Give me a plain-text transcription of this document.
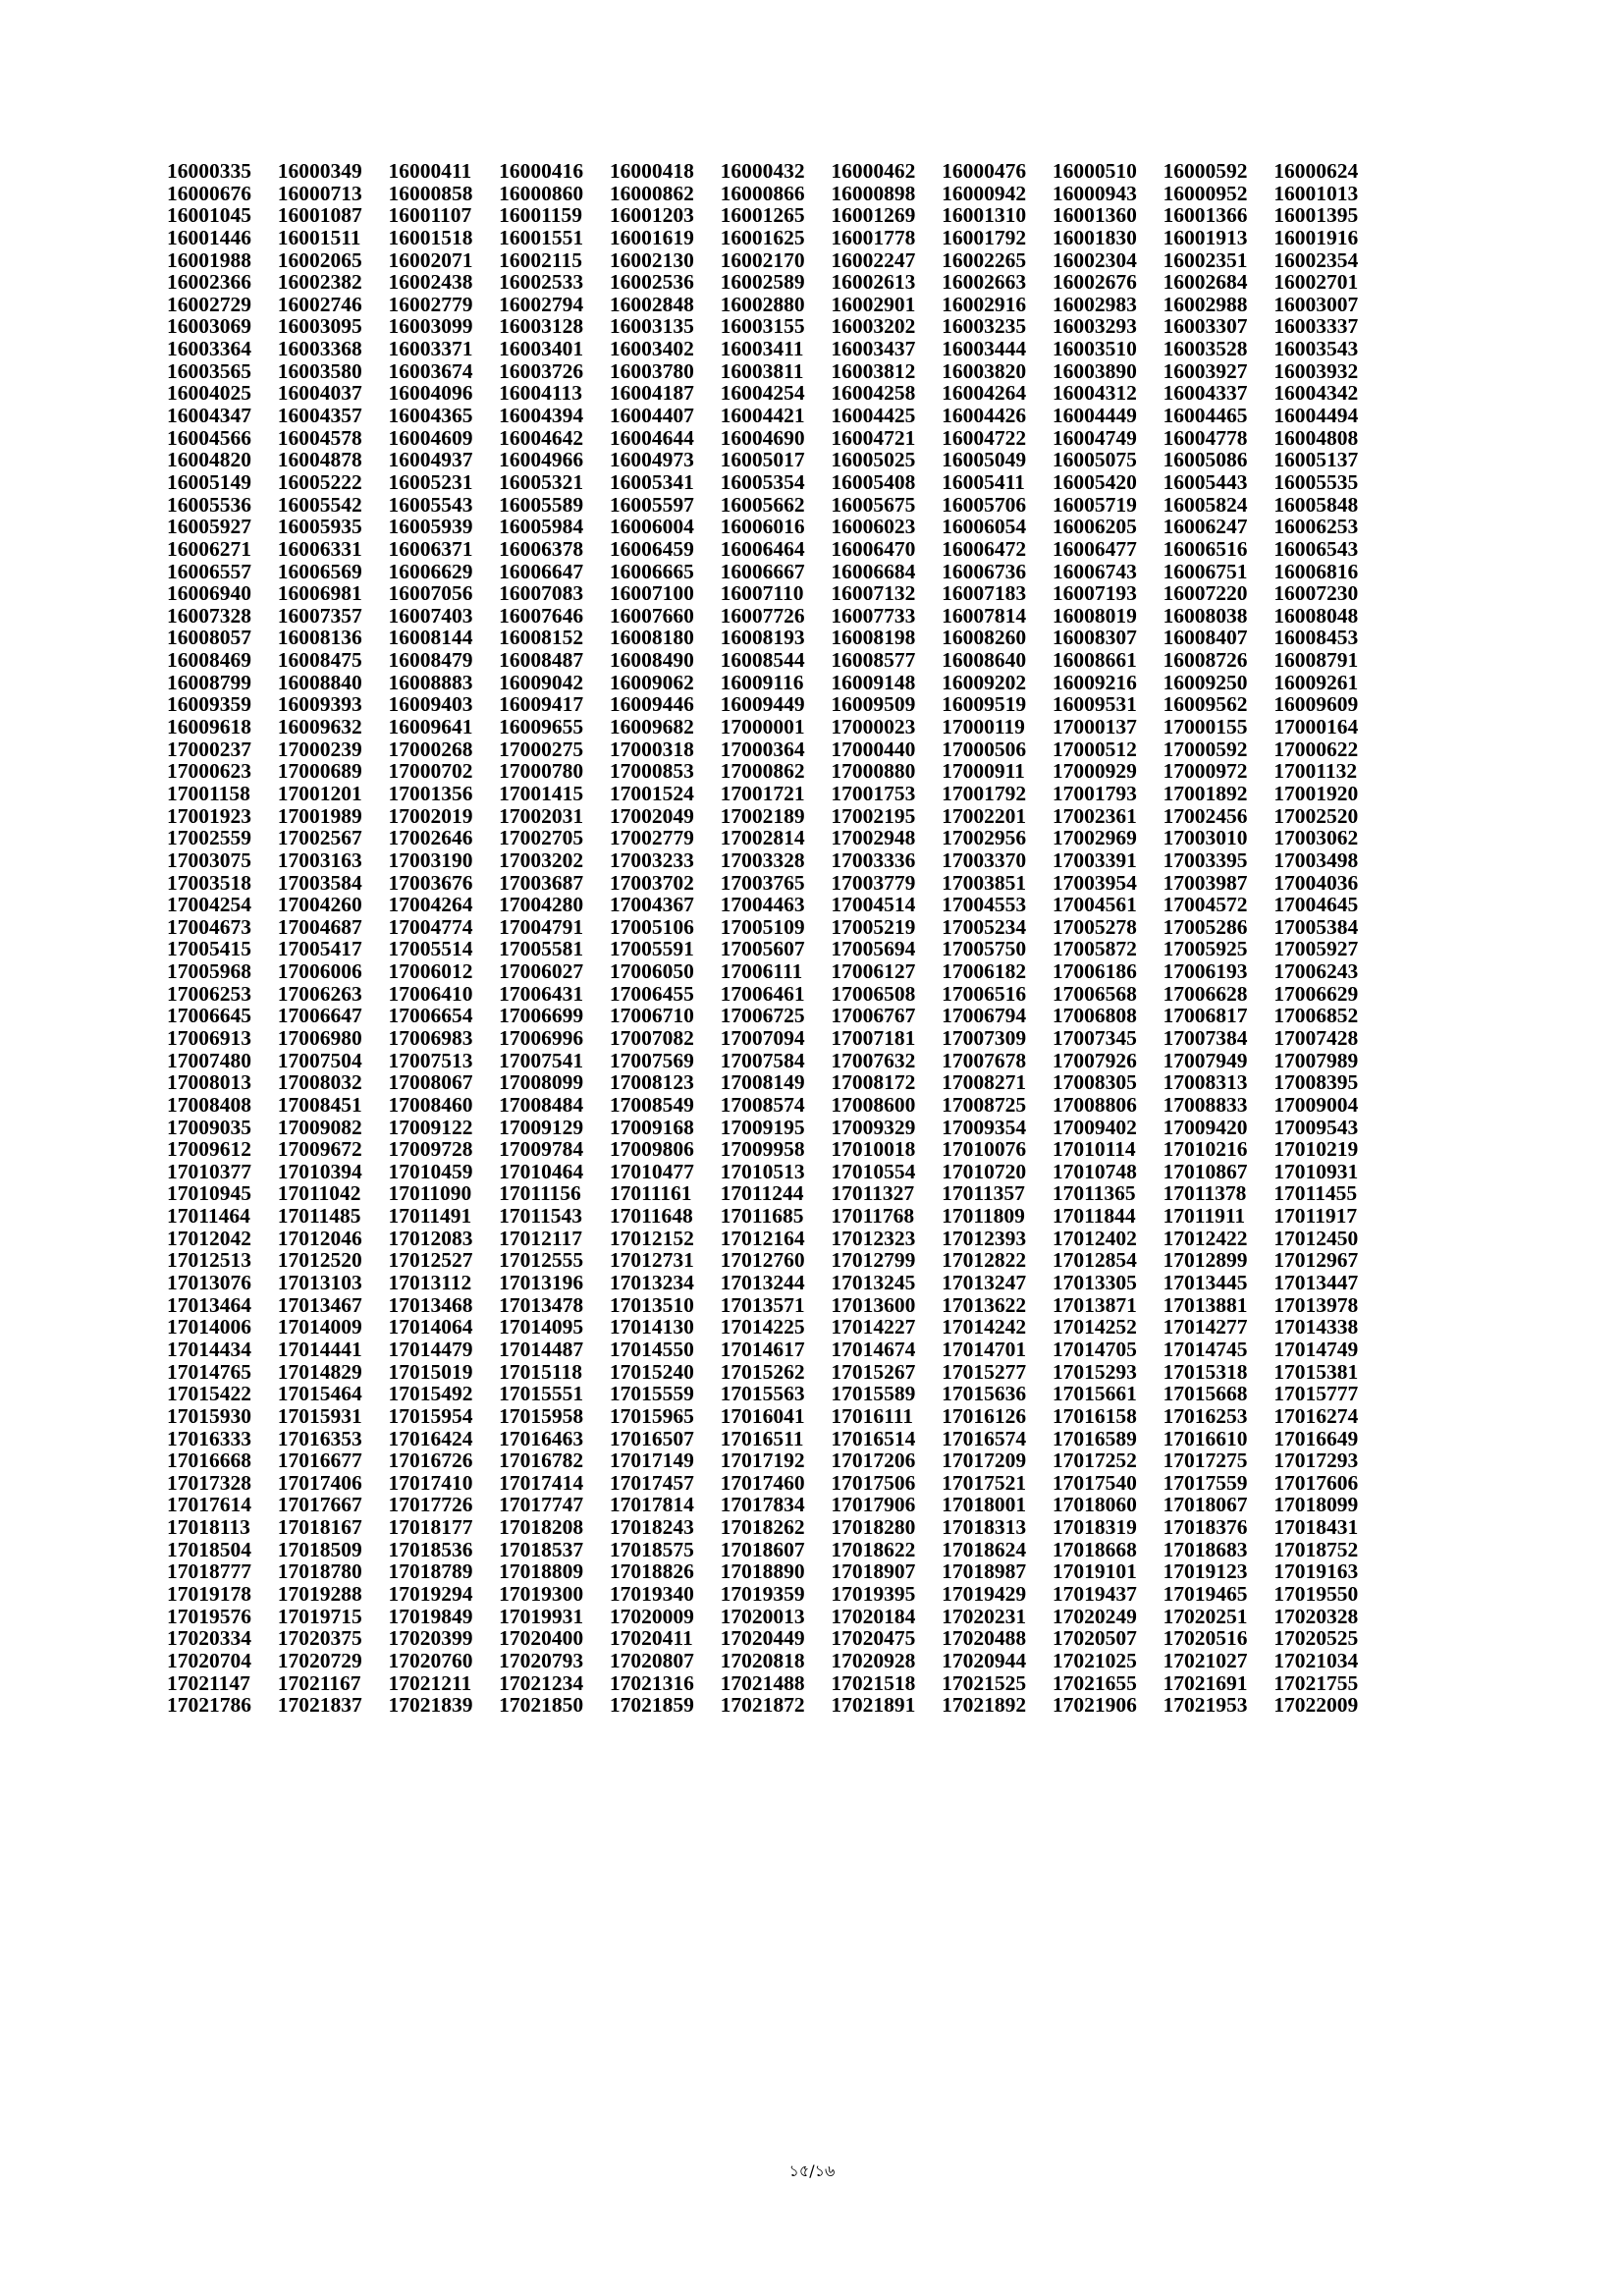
16000335	16000349	16000411	16000416	16000418	16000432	16000462	16000476	16000510	16000592	16000624
16000676	16000713	16000858	16000860	16000862	16000866	16000898	16000942	16000943	16000952	16001013
16001045	16001087	16001107	16001159	16001203	16001265	16001269	16001310	16001360	16001366	16001395
16001446	16001511	16001518	16001551	16001619	16001625	16001778	16001792	16001830	16001913	16001916
16001988	16002065	16002071	16002115	16002130	16002170	16002247	16002265	16002304	16002351	16002354
16002366	16002382	16002438	16002533	16002536	16002589	16002613	16002663	16002676	16002684	16002701
16002729	16002746	16002779	16002794	16002848	16002880	16002901	16002916	16002983	16002988	16003007
16003069	16003095	16003099	16003128	16003135	16003155	16003202	16003235	16003293	16003307	16003337
16003364	16003368	16003371	16003401	16003402	16003411	16003437	16003444	16003510	16003528	16003543
16003565	16003580	16003674	16003726	16003780	16003811	16003812	16003820	16003890	16003927	16003932
16004025	16004037	16004096	16004113	16004187	16004254	16004258	16004264	16004312	16004337	16004342
16004347	16004357	16004365	16004394	16004407	16004421	16004425	16004426	16004449	16004465	16004494
16004566	16004578	16004609	16004642	16004644	16004690	16004721	16004722	16004749	16004778	16004808
16004820	16004878	16004937	16004966	16004973	16005017	16005025	16005049	16005075	16005086	16005137
16005149	16005222	16005231	16005321	16005341	16005354	16005408	16005411	16005420	16005443	16005535
16005536	16005542	16005543	16005589	16005597	16005662	16005675	16005706	16005719	16005824	16005848
16005927	16005935	16005939	16005984	16006004	16006016	16006023	16006054	16006205	16006247	16006253
16006271	16006331	16006371	16006378	16006459	16006464	16006470	16006472	16006477	16006516	16006543
16006557	16006569	16006629	16006647	16006665	16006667	16006684	16006736	16006743	16006751	16006816
16006940	16006981	16007056	16007083	16007100	16007110	16007132	16007183	16007193	16007220	16007230
16007328	16007357	16007403	16007646	16007660	16007726	16007733	16007814	16008019	16008038	16008048
16008057	16008136	16008144	16008152	16008180	16008193	16008198	16008260	16008307	16008407	16008453
16008469	16008475	16008479	16008487	16008490	16008544	16008577	16008640	16008661	16008726	16008791
16008799	16008840	16008883	16009042	16009062	16009116	16009148	16009202	16009216	16009250	16009261
16009359	16009393	16009403	16009417	16009446	16009449	16009509	16009519	16009531	16009562	16009609
16009618	16009632	16009641	16009655	16009682	17000001	17000023	17000119	17000137	17000155	17000164
17000237	17000239	17000268	17000275	17000318	17000364	17000440	17000506	17000512	17000592	17000622
17000623	17000689	17000702	17000780	17000853	17000862	17000880	17000911	17000929	17000972	17001132
17001158	17001201	17001356	17001415	17001524	17001721	17001753	17001792	17001793	17001892	17001920
17001923	17001989	17002019	17002031	17002049	17002189	17002195	17002201	17002361	17002456	17002520
17002559	17002567	17002646	17002705	17002779	17002814	17002948	17002956	17002969	17003010	17003062
17003075	17003163	17003190	17003202	17003233	17003328	17003336	17003370	17003391	17003395	17003498
17003518	17003584	17003676	17003687	17003702	17003765	17003779	17003851	17003954	17003987	17004036
17004254	17004260	17004264	17004280	17004367	17004463	17004514	17004553	17004561	17004572	17004645
17004673	17004687	17004774	17004791	17005106	17005109	17005219	17005234	17005278	17005286	17005384
17005415	17005417	17005514	17005581	17005591	17005607	17005694	17005750	17005872	17005925	17005927
17005968	17006006	17006012	17006027	17006050	17006111	17006127	17006182	17006186	17006193	17006243
17006253	17006263	17006410	17006431	17006455	17006461	17006508	17006516	17006568	17006628	17006629
17006645	17006647	17006654	17006699	17006710	17006725	17006767	17006794	17006808	17006817	17006852
17006913	17006980	17006983	17006996	17007082	17007094	17007181	17007309	17007345	17007384	17007428
17007480	17007504	17007513	17007541	17007569	17007584	17007632	17007678	17007926	17007949	17007989
17008013	17008032	17008067	17008099	17008123	17008149	17008172	17008271	17008305	17008313	17008395
17008408	17008451	17008460	17008484	17008549	17008574	17008600	17008725	17008806	17008833	17009004
17009035	17009082	17009122	17009129	17009168	17009195	17009329	17009354	17009402	17009420	17009543
17009612	17009672	17009728	17009784	17009806	17009958	17010018	17010076	17010114	17010216	17010219
17010377	17010394	17010459	17010464	17010477	17010513	17010554	17010720	17010748	17010867	17010931
17010945	17011042	17011090	17011156	17011161	17011244	17011327	17011357	17011365	17011378	17011455
17011464	17011485	17011491	17011543	17011648	17011685	17011768	17011809	17011844	17011911	17011917
17012042	17012046	17012083	17012117	17012152	17012164	17012323	17012393	17012402	17012422	17012450
17012513	17012520	17012527	17012555	17012731	17012760	17012799	17012822	17012854	17012899	17012967
17013076	17013103	17013112	17013196	17013234	17013244	17013245	17013247	17013305	17013445	17013447
17013464	17013467	17013468	17013478	17013510	17013571	17013600	17013622	17013871	17013881	17013978
17014006	17014009	17014064	17014095	17014130	17014225	17014227	17014242	17014252	17014277	17014338
17014434	17014441	17014479	17014487	17014550	17014617	17014674	17014701	17014705	17014745	17014749
17014765	17014829	17015019	17015118	17015240	17015262	17015267	17015277	17015293	17015318	17015381
17015422	17015464	17015492	17015551	17015559	17015563	17015589	17015636	17015661	17015668	17015777
17015930	17015931	17015954	17015958	17015965	17016041	17016111	17016126	17016158	17016253	17016274
17016333	17016353	17016424	17016463	17016507	17016511	17016514	17016574	17016589	17016610	17016649
17016668	17016677	17016726	17016782	17017149	17017192	17017206	17017209	17017252	17017275	17017293
17017328	17017406	17017410	17017414	17017457	17017460	17017506	17017521	17017540	17017559	17017606
17017614	17017667	17017726	17017747	17017814	17017834	17017906	17018001	17018060	17018067	17018099
17018113	17018167	17018177	17018208	17018243	17018262	17018280	17018313	17018319	17018376	17018431
17018504	17018509	17018536	17018537	17018575	17018607	17018622	17018624	17018668	17018683	17018752
17018777	17018780	17018789	17018809	17018826	17018890	17018907	17018987	17019101	17019123	17019163
17019178	17019288	17019294	17019300	17019340	17019359	17019395	17019429	17019437	17019465	17019550
17019576	17019715	17019849	17019931	17020009	17020013	17020184	17020231	17020249	17020251	17020328
17020334	17020375	17020399	17020400	17020411	17020449	17020475	17020488	17020507	17020516	17020525
17020704	17020729	17020760	17020793	17020807	17020818	17020928	17020944	17021025	17021027	17021034
17021147	17021167	17021211	17021234	17021316	17021488	17021518	17021525	17021655	17021691	17021755
17021786	17021837	17021839	17021850	17021859	17021872	17021891	17021892	17021906	17021953	17022009
১৫/১৬
